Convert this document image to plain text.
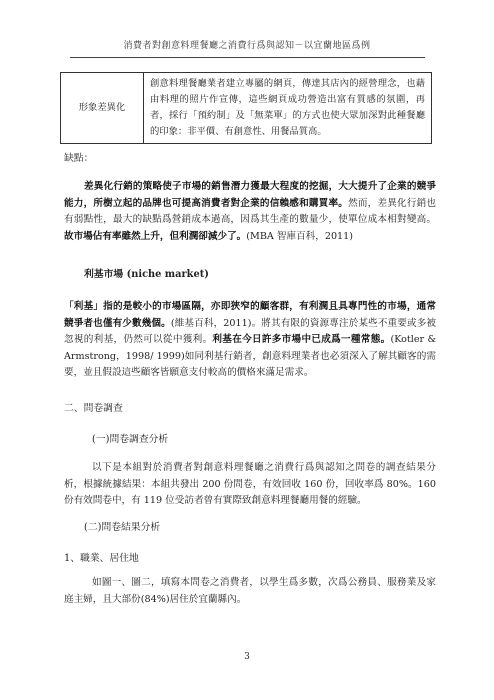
消費者對創意料理餐廳之消費行爲與認知－以宜蘭地區爲例
形象差異化	創意料理餐廳業者建立專屬的網頁，傳達其店內的經營理念，也藉由料理的照片作宣傳，這些網頁成功營造出富有質感的氛圍，再者，採行「預約制」及「無菜單」的方式也使大眾加深對此種餐廳的印象：非平價、有創意性、用餐品質高。
缺點：

差異化行銷的策略使子市場的銷售潛力獲最大程度的挖掘，大大提升了企業的競爭能力，所樹立起的品牌也可提高消費者對企業的信賴感和購買率。然而，差異化行銷也有弱點性，最大的缺點爲營銷成本過高，因爲其生產的數量少，使單位成本相對變高。故市場佔有率雖然上升，但利潤卻減少了。(MBA 智庫百科，2011)

利基市場 (niche market)

「利基」指的是較小的市場區隔，亦即狹窄的顧客群，有利潤且具專門性的市場，通常競爭者也僅有少數幾個。(維基百科，2011)。將其有限的資源專注於某些不重要或多被忽視的利基，仍然可以從中獲利。利基在今日許多市場中已成爲一種常態。(Kotler & Armstrong，1998/ 1999)如同利基行銷者，創意料理業者也必須深入了解其顧客的需要，並且假設這些顧客皆願意支付較高的價格來滿足需求。

二、問卷調查
(一)問卷調查分析

以下是本組對於消費者對創意料理餐廳之消費行爲與認知之問卷的調查結果分析，根據統據結果：本組共發出 200 份問卷，有效回收 160 份，回收率爲 80%。160 份有效問卷中，有 119 位受訪者曾有實際致創意料理餐廳用餐的經驗。

(二)問卷結果分析
1、職業、居住地

如圖一、圖二，填寫本問卷之消費者，以學生爲多數，次爲公務員、服務業及家庭主婦，且大部份(84%)居住於宜蘭縣內。

3
